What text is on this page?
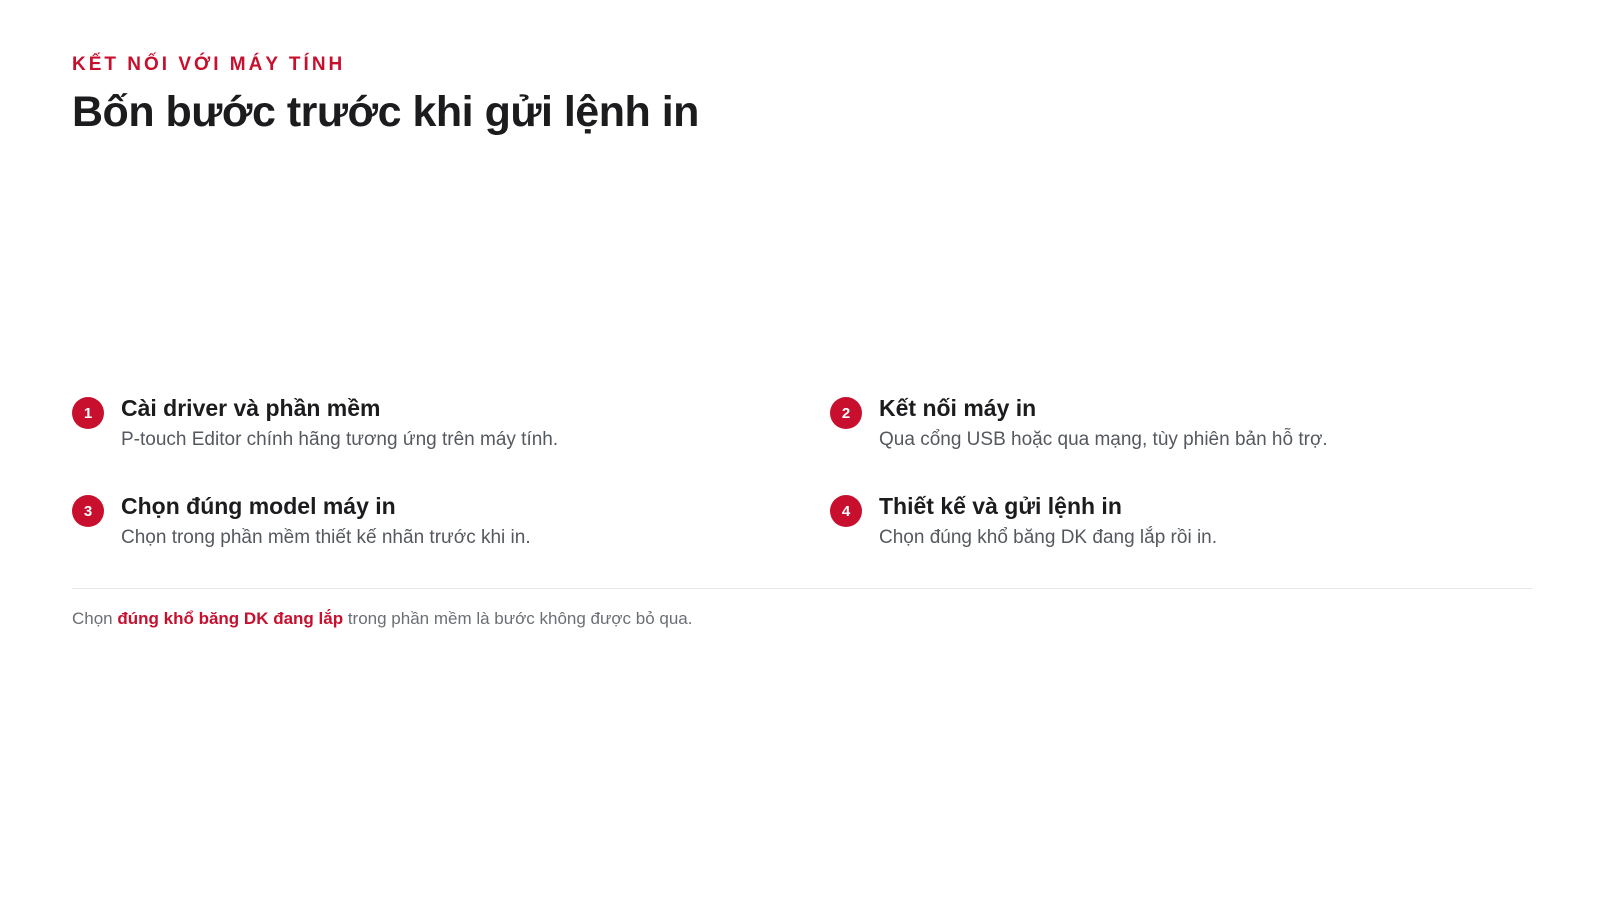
KẾT NỐI VỚI MÁY TÍNH
Bốn bước trước khi gửi lệnh in
1	Cài driver và phần mềm
P-touch Editor chính hãng tương ứng trên máy tính.
2	Kết nối máy in
Qua cổng USB hoặc qua mạng, tùy phiên bản hỗ trợ.
3	Chọn đúng model máy in
Chọn trong phần mềm thiết kế nhãn trước khi in.
4	Thiết kế và gửi lệnh in
Chọn đúng khổ băng DK đang lắp rồi in.
Chọn đúng khổ băng DK đang lắp trong phần mềm là bước không được bỏ qua.
